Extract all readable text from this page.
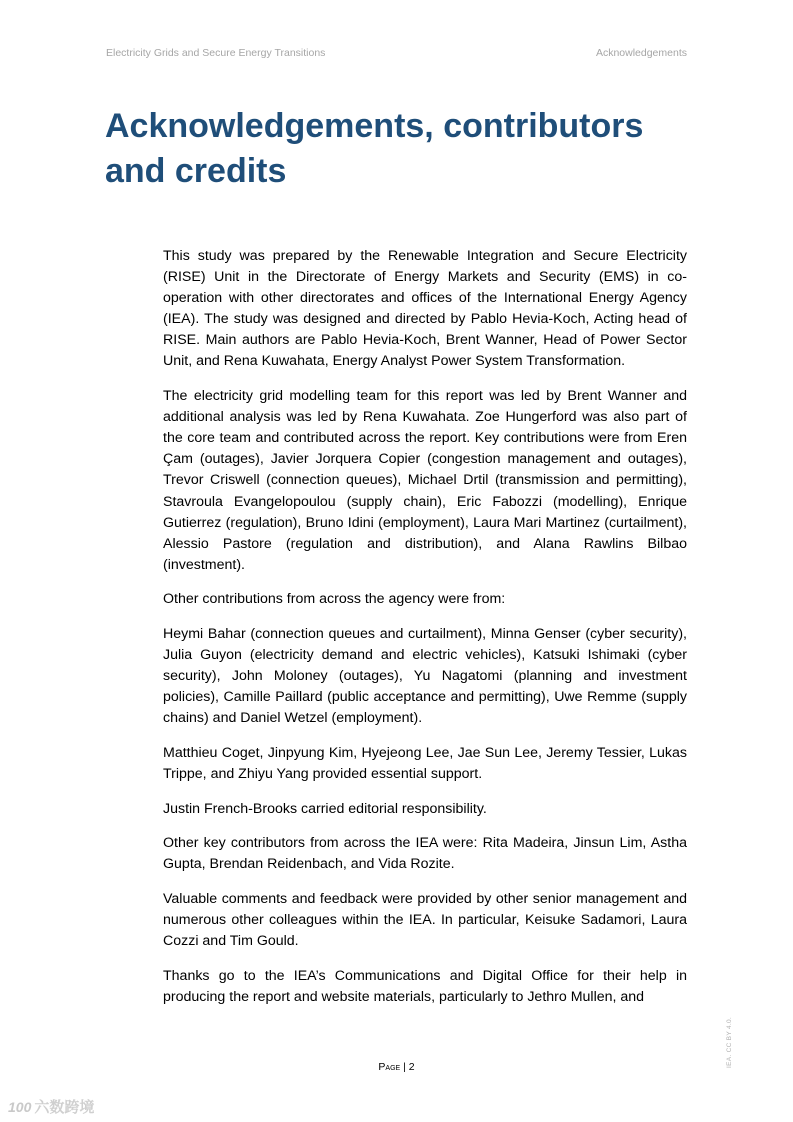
Electricity Grids and Secure Energy Transitions	Acknowledgements
Acknowledgements, contributors and credits

This study was prepared by the Renewable Integration and Secure Electricity (RISE) Unit in the Directorate of Energy Markets and Security (EMS) in co-operation with other directorates and offices of the International Energy Agency (IEA). The study was designed and directed by Pablo Hevia-Koch, Acting head of RISE. Main authors are Pablo Hevia-Koch, Brent Wanner, Head of Power Sector Unit, and Rena Kuwahata, Energy Analyst Power System Transformation.

The electricity grid modelling team for this report was led by Brent Wanner and additional analysis was led by Rena Kuwahata. Zoe Hungerford was also part of the core team and contributed across the report. Key contributions were from Eren Çam (outages), Javier Jorquera Copier (congestion management and outages), Trevor Criswell (connection queues), Michael Drtil (transmission and permitting), Stavroula Evangelopoulou (supply chain), Eric Fabozzi (modelling), Enrique Gutierrez (regulation), Bruno Idini (employment), Laura Mari Martinez (curtailment), Alessio Pastore (regulation and distribution), and Alana Rawlins Bilbao (investment).

Other contributions from across the agency were from:

Heymi Bahar (connection queues and curtailment), Minna Genser (cyber security), Julia Guyon (electricity demand and electric vehicles), Katsuki Ishimaki (cyber security), John Moloney (outages), Yu Nagatomi (planning and investment policies), Camille Paillard (public acceptance and permitting), Uwe Remme (supply chains) and Daniel Wetzel (employment).

Matthieu Coget, Jinpyung Kim, Hyejeong Lee, Jae Sun Lee, Jeremy Tessier, Lukas Trippe, and Zhiyu Yang provided essential support.

Justin French-Brooks carried editorial responsibility.

Other key contributors from across the IEA were: Rita Madeira, Jinsun Lim, Astha Gupta, Brendan Reidenbach, and Vida Rozite.

Valuable comments and feedback were provided by other senior management and numerous other colleagues within the IEA. In particular, Keisuke Sadamori, Laura Cozzi and Tim Gould.

Thanks go to the IEA’s Communications and Digital Office for their help in producing the report and website materials, particularly to Jethro Mullen, and

Page | 2	IEA. CC BY 4.0.
100 六数跨境
